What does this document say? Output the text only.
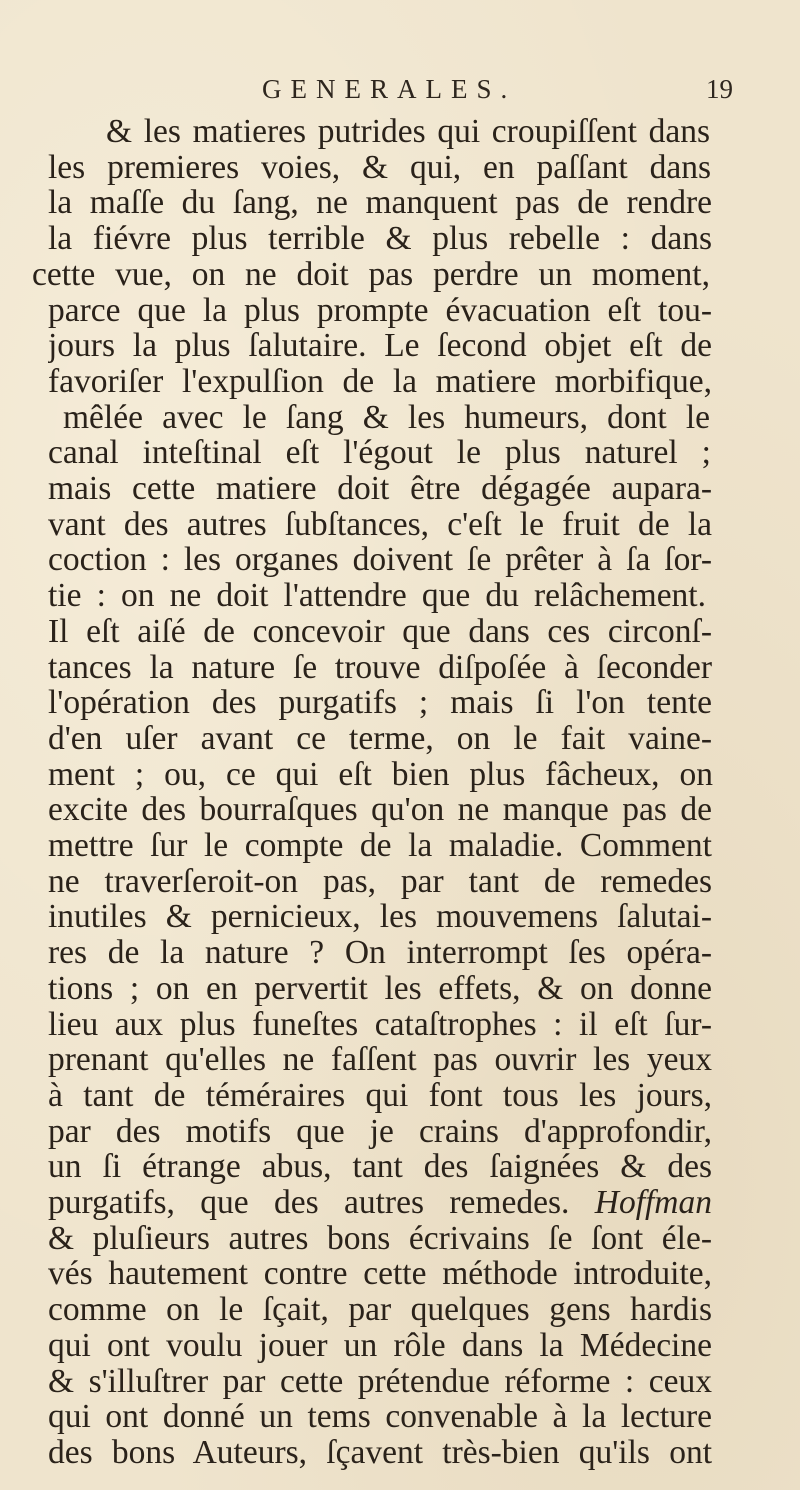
GENERALES.	19
& les matieres putrides qui croupiſſent dans
les premieres voies, & qui, en paſſant dans
la maſſe du ſang, ne manquent pas de rendre
la fiévre plus terrible & plus rebelle : dans
cette vue, on ne doit pas perdre un moment,
parce que la plus prompte évacuation eſt tou-
jours la plus ſalutaire. Le ſecond objet eſt de
favoriſer l'expulſion de la matiere morbifique,
mêlée avec le ſang & les humeurs, dont le
canal inteſtinal eſt l'égout le plus naturel ;
mais cette matiere doit être dégagée aupara-
vant des autres ſubſtances, c'eſt le fruit de la
coction : les organes doivent ſe prêter à ſa ſor-
tie : on ne doit l'attendre que du relâchement.
Il eſt aiſé de concevoir que dans ces circonſ-
tances la nature ſe trouve diſpoſée à ſeconder
l'opération des purgatifs ; mais ſi l'on tente
d'en uſer avant ce terme, on le fait vaine-
ment ; ou, ce qui eſt bien plus fâcheux, on
excite des bourraſques qu'on ne manque pas de
mettre ſur le compte de la maladie. Comment
ne traverſeroit-on pas, par tant de remedes
inutiles & pernicieux, les mouvemens ſalutai-
res de la nature ? On interrompt ſes opéra-
tions ; on en pervertit les effets, & on donne
lieu aux plus funeſtes cataſtrophes : il eſt ſur-
prenant qu'elles ne faſſent pas ouvrir les yeux
à tant de téméraires qui font tous les jours,
par des motifs que je crains d'approfondir,
un ſi étrange abus, tant des ſaignées & des
purgatifs, que des autres remedes. Hoffman
& pluſieurs autres bons écrivains ſe ſont éle-
vés hautement contre cette méthode introduite,
comme on le ſçait, par quelques gens hardis
qui ont voulu jouer un rôle dans la Médecine
& s'illuſtrer par cette prétendue réforme : ceux
qui ont donné un tems convenable à la lecture
des bons Auteurs, ſçavent très-bien qu'ils ont
